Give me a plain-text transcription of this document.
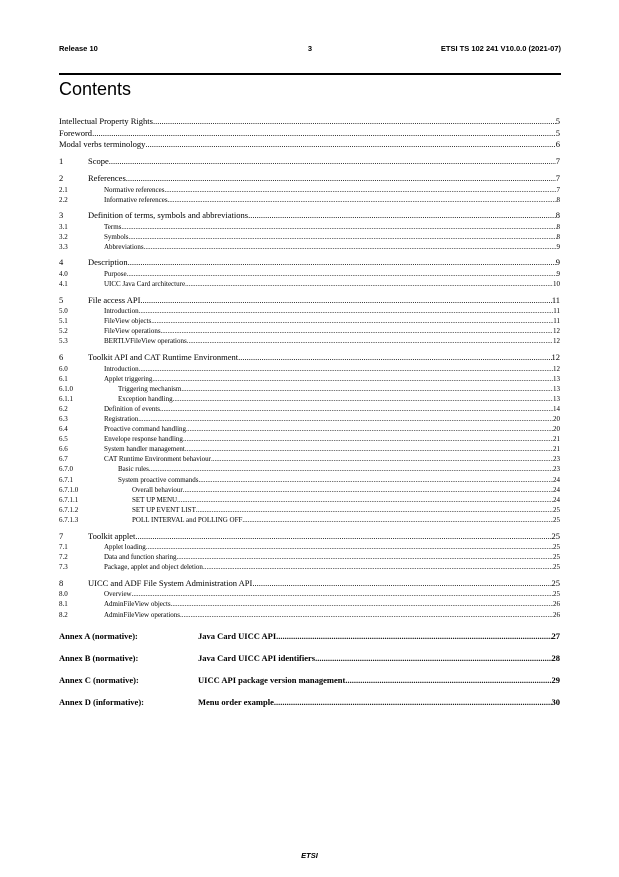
Release 10	3	ETSI TS 102 241 V10.0.0 (2021-07)
Contents
Intellectual Property Rights .....	5
Foreword .....	5
Modal verbs terminology .....	6
1	Scope .....	7
2	References .....	7
2.1	Normative references .....	7
2.2	Informative references .....	8
3	Definition of terms, symbols and abbreviations .....	8
3.1	Terms .....	8
3.2	Symbols .....	8
3.3	Abbreviations .....	9
4	Description .....	9
4.0	Purpose .....	9
4.1	UICC Java Card architecture .....	10
5	File access API .....	11
5.0	Introduction .....	11
5.1	FileView objects .....	11
5.2	FileView operations .....	12
5.3	BERTLVFileView operations .....	12
6	Toolkit API and CAT Runtime Environment .....	12
6.0	Introduction .....	12
6.1	Applet triggering .....	13
6.1.0	Triggering mechanism .....	13
6.1.1	Exception handling .....	13
6.2	Definition of events .....	14
6.3	Registration .....	20
6.4	Proactive command handling .....	20
6.5	Envelope response handling .....	21
6.6	System handler management .....	21
6.7	CAT Runtime Environment behaviour .....	23
6.7.0	Basic rules .....	23
6.7.1	System proactive commands .....	24
6.7.1.0	Overall behaviour .....	24
6.7.1.1	SET UP MENU .....	24
6.7.1.2	SET UP EVENT LIST .....	25
6.7.1.3	POLL INTERVAL and POLLING OFF .....	25
7	Toolkit applet .....	25
7.1	Applet loading .....	25
7.2	Data and function sharing .....	25
7.3	Package, applet and object deletion .....	25
8	UICC and ADF File System Administration API .....	25
8.0	Overview .....	25
8.1	AdminFileView objects .....	26
8.2	AdminFileView operations .....	26
Annex A (normative):	Java Card UICC API .....	27
Annex B (normative):	Java Card UICC API identifiers .....	28
Annex C (normative):	UICC API package version management .....	29
Annex D (informative):	Menu order example .....	30
ETSI
